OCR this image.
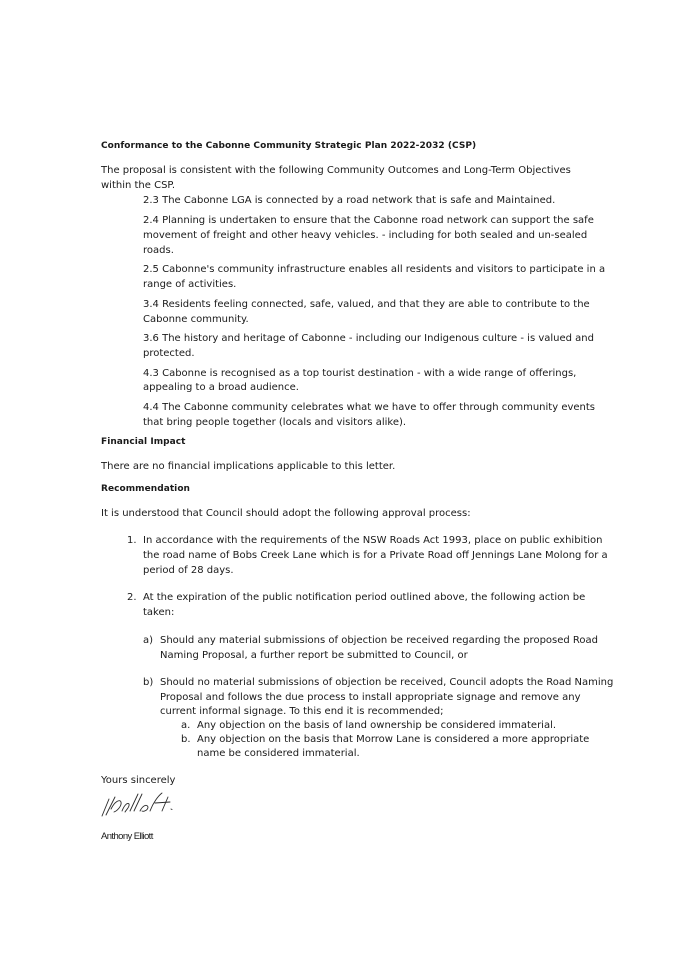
Conformance to the Cabonne Community Strategic Plan 2022-2032 (CSP)
The proposal is consistent with the following Community Outcomes and Long-Term Objectives
within the CSP.
2.3 The Cabonne LGA is connected by a road network that is safe and Maintained.
2.4 Planning is undertaken to ensure that the Cabonne road network can support the safe
movement of freight and other heavy vehicles. - including for both sealed and un-sealed
roads.
2.5 Cabonne's community infrastructure enables all residents and visitors to participate in a
range of activities.
3.4 Residents feeling connected, safe, valued, and that they are able to contribute to the
Cabonne community.
3.6 The history and heritage of Cabonne - including our Indigenous culture - is valued and
protected.
4.3 Cabonne is recognised as a top tourist destination - with a wide range of offerings,
appealing to a broad audience.
4.4 The Cabonne community celebrates what we have to offer through community events
that bring people together (locals and visitors alike).
Financial Impact
There are no financial implications applicable to this letter.
Recommendation
It is understood that Council should adopt the following approval process:
1. In accordance with the requirements of the NSW Roads Act 1993, place on public exhibition
the road name of Bobs Creek Lane which is for a Private Road off Jennings Lane Molong for a
period of 28 days.
2. At the expiration of the public notification period outlined above, the following action be
taken:
a) Should any material submissions of objection be received regarding the proposed Road
Naming Proposal, a further report be submitted to Council, or
b) Should no material submissions of objection be received, Council adopts the Road Naming
Proposal and follows the due process to install appropriate signage and remove any
current informal signage. To this end it is recommended;
a. Any objection on the basis of land ownership be considered immaterial.
b. Any objection on the basis that Morrow Lane is considered a more appropriate
name be considered immaterial.
Yours sincerely
Anthony Elliott
